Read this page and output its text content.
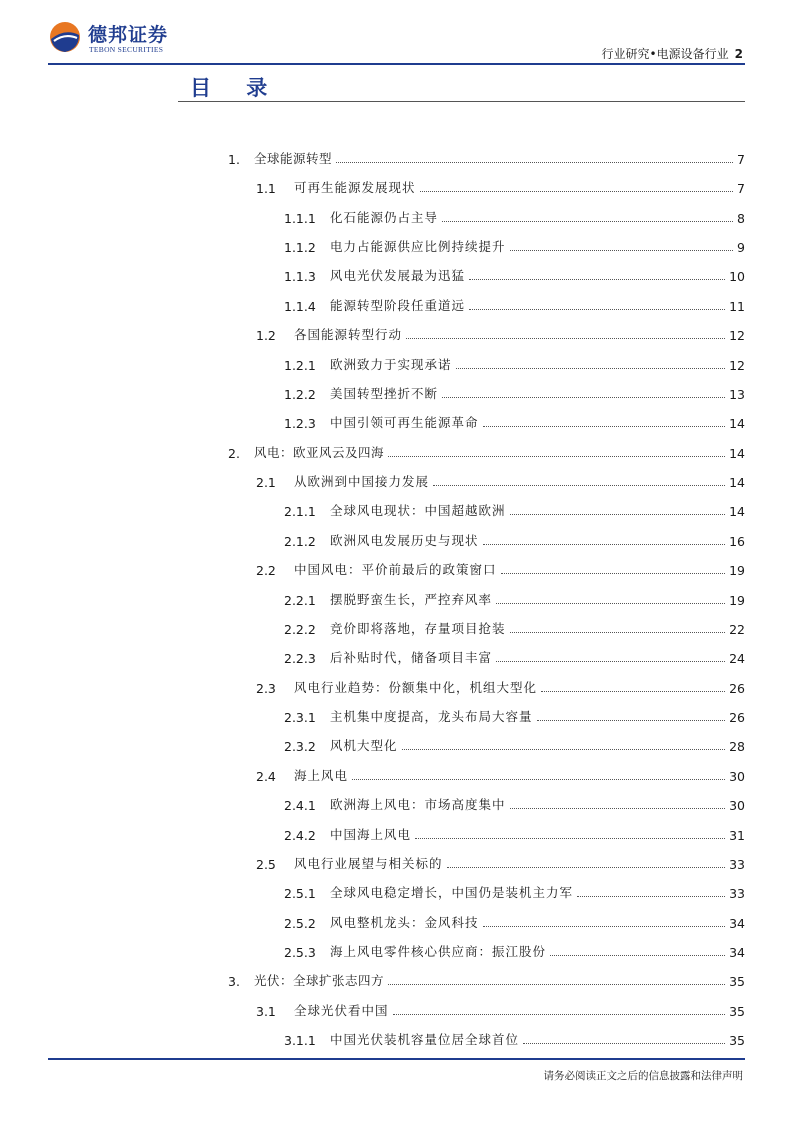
德邦证券
TEBON SECURITIES	行业研究•电源设备行业 2
目 录
1.	全球能源转型	7
1.1	可再生能源发展现状	7
1.1.1	化石能源仍占主导	8
1.1.2	电力占能源供应比例持续提升	9
1.1.3	风电光伏发展最为迅猛	10
1.1.4	能源转型阶段任重道远	11
1.2	各国能源转型行动	12
1.2.1	欧洲致力于实现承诺	12
1.2.2	美国转型挫折不断	13
1.2.3	中国引领可再生能源革命	14
2.	风电：欧亚风云及四海	14
2.1	从欧洲到中国接力发展	14
2.1.1	全球风电现状：中国超越欧洲	14
2.1.2	欧洲风电发展历史与现状	16
2.2	中国风电：平价前最后的政策窗口	19
2.2.1	摆脱野蛮生长，严控弃风率	19
2.2.2	竞价即将落地，存量项目抢装	22
2.2.3	后补贴时代，储备项目丰富	24
2.3	风电行业趋势：份额集中化，机组大型化	26
2.3.1	主机集中度提高，龙头布局大容量	26
2.3.2	风机大型化	28
2.4	海上风电	30
2.4.1	欧洲海上风电：市场高度集中	30
2.4.2	中国海上风电	31
2.5	风电行业展望与相关标的	33
2.5.1	全球风电稳定增长，中国仍是装机主力军	33
2.5.2	风电整机龙头：金风科技	34
2.5.3	海上风电零件核心供应商：振江股份	34
3.	光伏：全球扩张志四方	35
3.1	全球光伏看中国	35
3.1.1	中国光伏装机容量位居全球首位	35
请务必阅读正文之后的信息披露和法律声明
